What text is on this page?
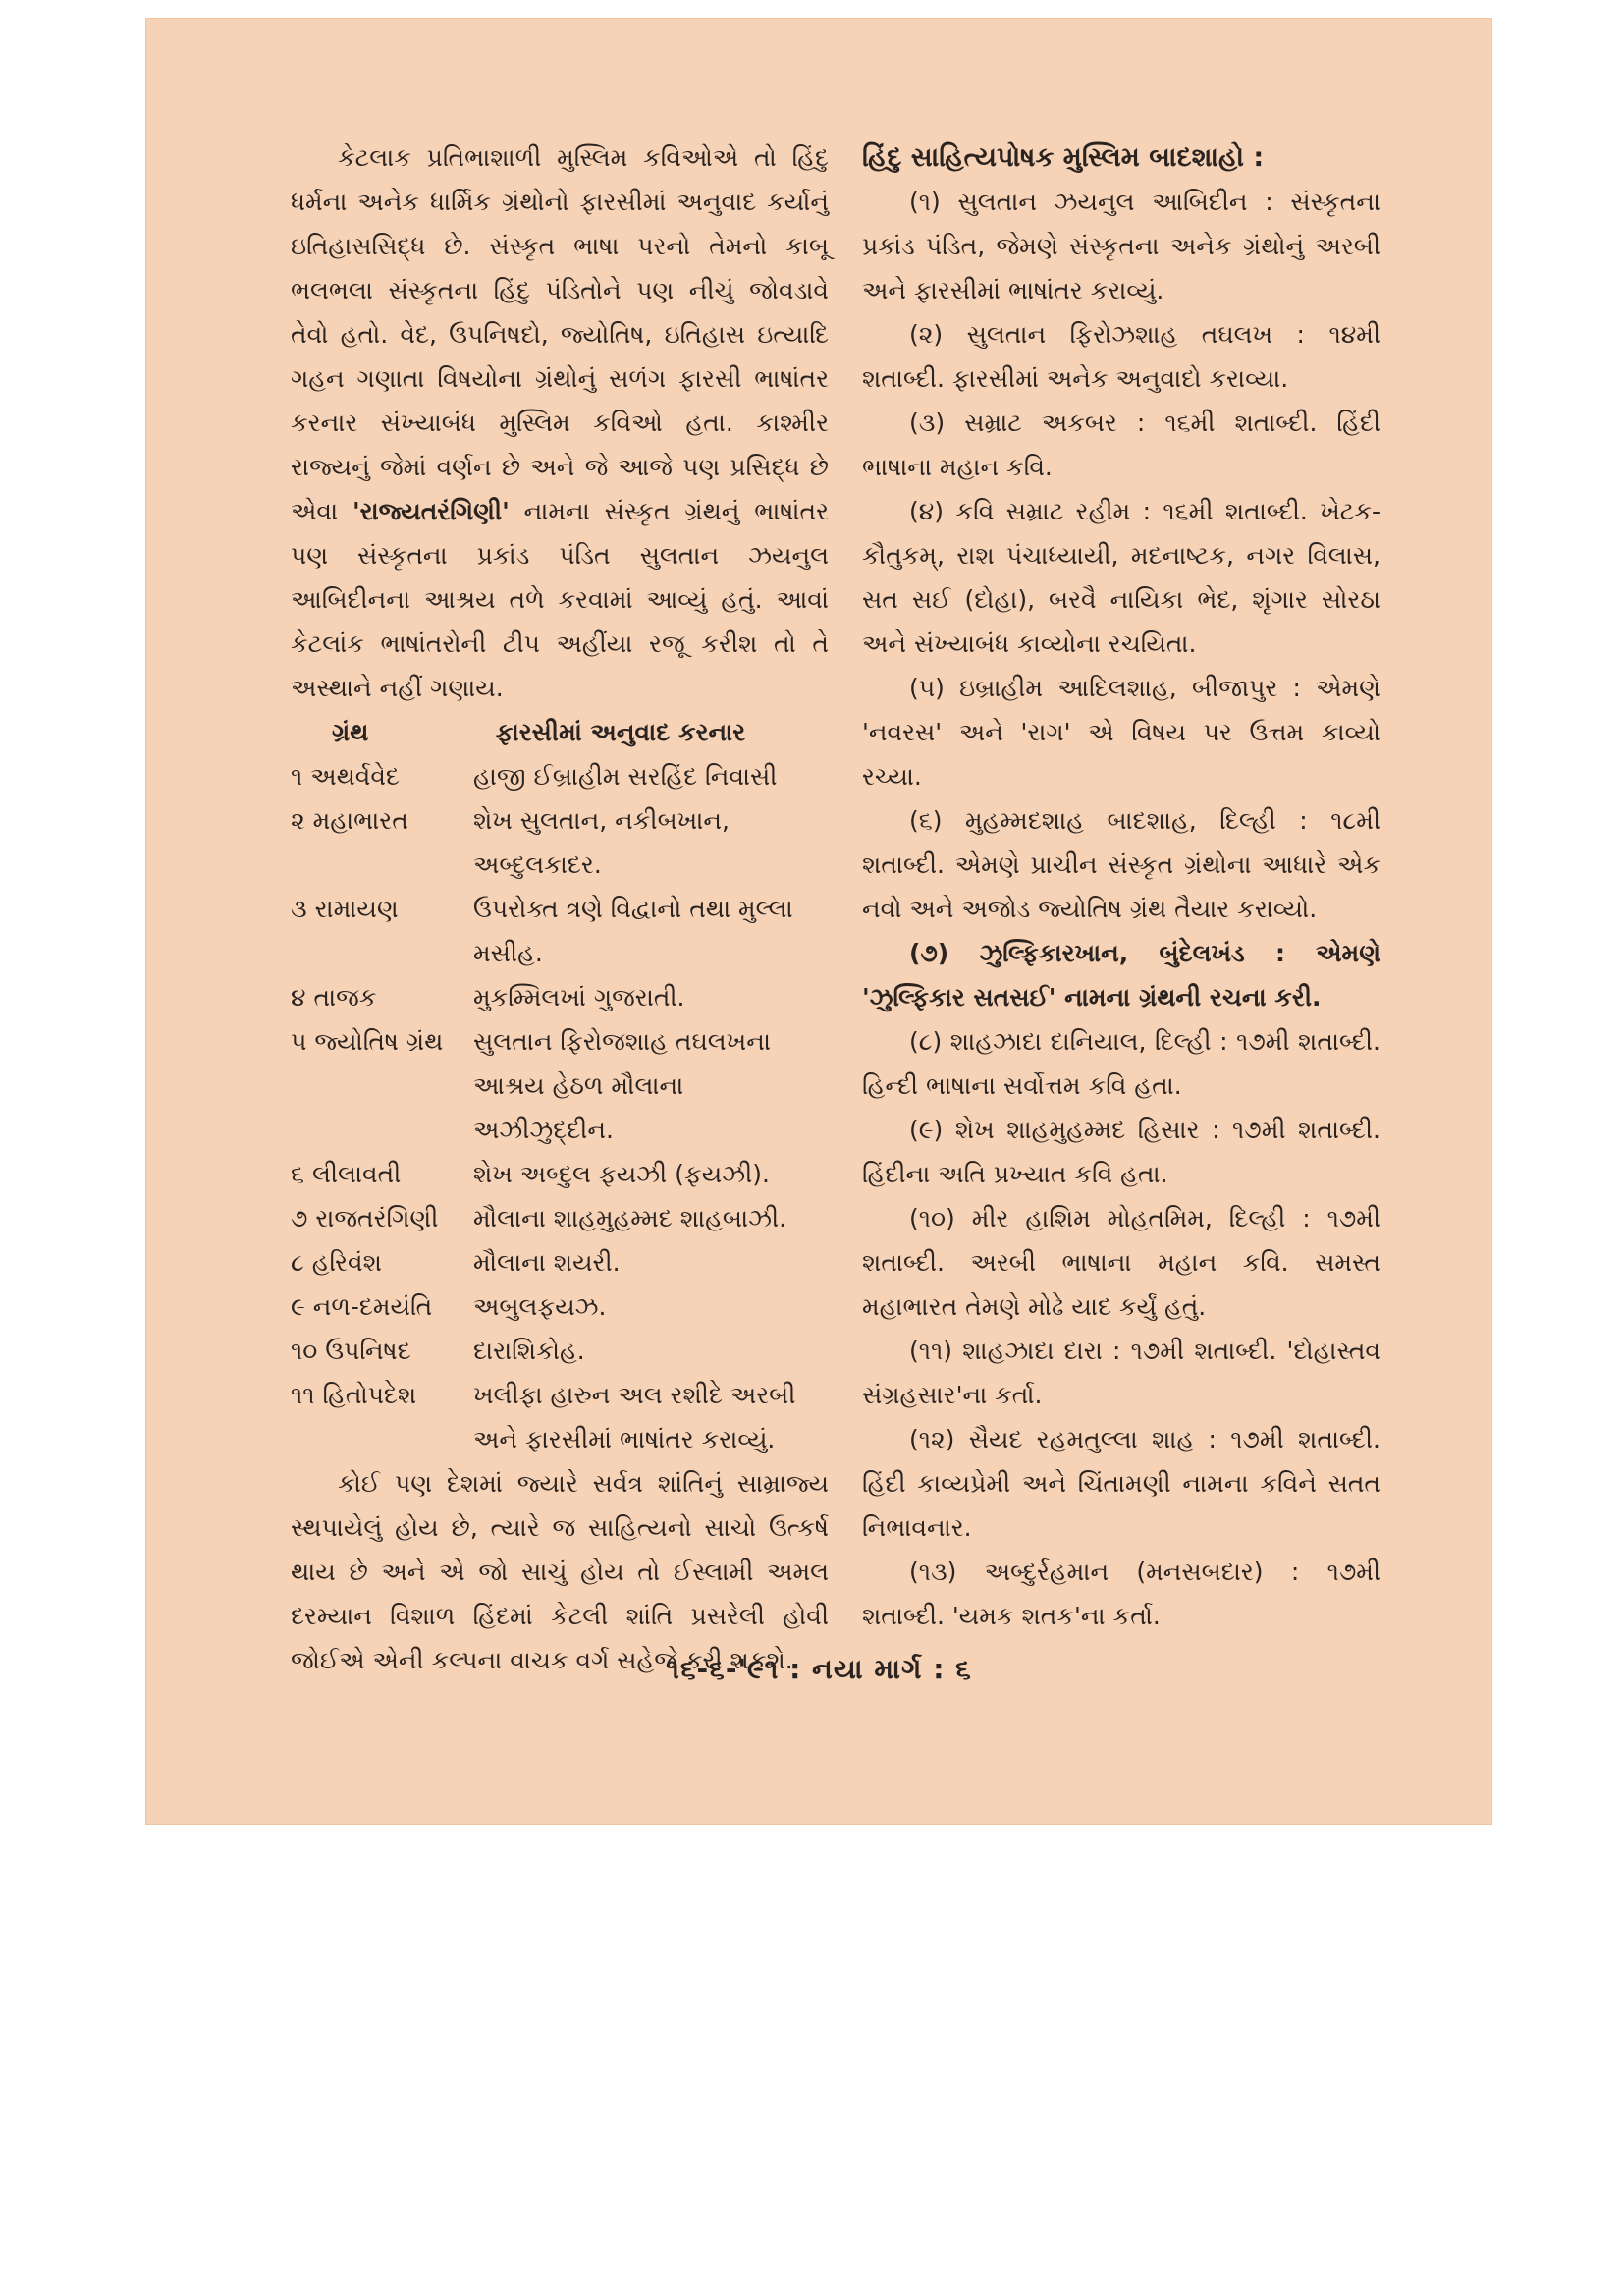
કેટલાક પ્રતિભાશાળી મુસ્લિમ કવિઓએ તો હિંદુ ધર્મના અનેક ધાર્મિક ગ્રંથોનો ફારસીમાં અનુવાદ કર્યાનું ઇતિહાસસિદ્ધ છે. સંસ્કૃત ભાષા પરનો તેમનો કાબૂ ભલભલા સંસ્કૃતના હિંદુ પંડિતોને પણ નીચું જોવડાવે તેવો હતો. વેદ, ઉપનિષદો, જ્યોતિષ, ઇતિહાસ ઇત્યાદિ ગહન ગણાતા વિષયોના ગ્રંથોનું સળંગ ફારસી ભાષાંતર કરનાર સંખ્યાબંધ મુસ્લિમ કવિઓ હતા. કાશ્મીર રાજ્યનું જેમાં વર્ણન છે અને જે આજે પણ પ્રસિદ્ધ છે એવા 'રાજ્યતરંગિણી' નામના સંસ્કૃત ગ્રંથનું ભાષાંતર પણ સંસ્કૃતના પ્રકાંડ પંડિત સુલતાન ઝયનુલ આબિદીનના આશ્રય તળે કરવામાં આવ્યું હતું. આવાં કેટલાંક ભાષાંતરોની ટીપ અહીંયા રજૂ કરીશ તો તે અસ્થાને નહીં ગણાય.

ગ્રંથ	ફારસીમાં અનુવાદ કરનાર
૧ અથર્વવેદ	હાજી ઈબ્રાહીમ સરહિંદ નિવાસી
૨ મહાભારત	શેખ સુલતાન, નકીબખાન, અબ્દુલકાદર.
૩ રામાયણ	ઉપરોક્ત ત્રણે વિદ્વાનો તથા મુલ્લા મસીહ.
૪ તાજક	મુકમ્મિલખાં ગુજરાતી.
૫ જ્યોતિષ ગ્રંથ	સુલતાન ફિરોજશાહ તઘલખના આશ્રય હેઠળ મૌલાના અઝીઝુદ્દીન.
૬ લીલાવતી	શેખ અબ્દુલ ફયઝી (ફયઝી).
૭ રાજતરંગિણી	મૌલાના શાહમુહમ્મદ શાહબાઝી.
૮ હરિવંશ	મૌલાના શયરી.
૯ નળ-દમયંતિ	અબુલફયઝ.
૧૦ ઉપનિષદ	દારાશિકોહ.
૧૧ હિતોપદેશ	ખલીફા હારુન અલ રશીદે અરબી અને ફારસીમાં ભાષાંતર કરાવ્યું.

કોઈ પણ દેશમાં જ્યારે સર્વત્ર શાંતિનું સામ્રાજ્ય સ્થપાયેલું હોય છે, ત્યારે જ સાહિત્યનો સાચો ઉત્કર્ષ થાય છે અને એ જો સાચું હોય તો ઈસ્લામી અમલ દરમ્યાન વિશાળ હિંદમાં કેટલી શાંતિ પ્રસરેલી હોવી જોઈએ એની કલ્પના વાચક વર્ગ સહેજે કરી શકશે.

હિંદુ સાહિત્યપોષક મુસ્લિમ બાદશાહો :

(૧) સુલતાન ઝયનુલ આબિદીન : સંસ્કૃતના પ્રકાંડ પંડિત, જેમણે સંસ્કૃતના અનેક ગ્રંથોનું અરબી અને ફારસીમાં ભાષાંતર કરાવ્યું.

(૨) સુલતાન ફિરોઝશાહ તઘલખ : ૧૪મી શતાબ્દી. ફારસીમાં અનેક અનુવાદો કરાવ્યા.

(૩) સમ્રાટ અકબર : ૧૬મી શતાબ્દી. હિંદી ભાષાના મહાન કવિ.

(૪) કવિ સમ્રાટ રહીમ : ૧૬મી શતાબ્દી. ખેટક-કૌતુકમ્, રાશ પંચાધ્યાયી, મદનાષ્ટક, નગર વિલાસ, સત સઈ (દોહા), બરવૈ નાયિકા ભેદ, શૃંગાર સોરઠા અને સંખ્યાબંધ કાવ્યોના રચયિતા.

(૫) ઇબ્રાહીમ આદિલશાહ, બીજાપુર : એમણે 'નવરસ' અને 'રાગ' એ વિષય પર ઉત્તમ કાવ્યો રચ્યા.

(૬) મુહમ્મદશાહ બાદશાહ, દિલ્હી : ૧૮મી શતાબ્દી. એમણે પ્રાચીન સંસ્કૃત ગ્રંથોના આધારે એક નવો અને અજોડ જ્યોતિષ ગ્રંથ તૈયાર કરાવ્યો.

(૭) ઝુલ્ફિકારખાન, બુંદેલખંડ : એમણે 'ઝુલ્ફિકાર સતસઈ' નામના ગ્રંથની રચના કરી.

(૮) શાહઝાદા દાનિયાલ, દિલ્હી : ૧૭મી શતાબ્દી. હિન્દી ભાષાના સર્વોત્તમ કવિ હતા.

(૯) શેખ શાહમુહમ્મદ હિસાર : ૧૭મી શતાબ્દી. હિંદીના અતિ પ્રખ્યાત કવિ હતા.

(૧૦) મીર હાશિમ મોહતમિમ, દિલ્હી : ૧૭મી શતાબ્દી. અરબી ભાષાના મહાન કવિ. સમસ્ત મહાભારત તેમણે મોઢે યાદ કર્યું હતું.

(૧૧) શાહઝાદા દારા : ૧૭મી શતાબ્દી. 'દોહાસ્તવ સંગ્રહસાર'ના કર્તા.

(૧૨) સૈયદ રહમતુલ્લા શાહ : ૧૭મી શતાબ્દી. હિંદી કાવ્યપ્રેમી અને ચિંતામણી નામના કવિને સતત નિભાવનાર.

(૧૩) અબ્દુર્રહમાન (મનસબદાર) : ૧૭મી શતાબ્દી. 'યમક શતક'ના કર્તા.

૧૬-૬-'૯૧ : નયા માર્ગ : ૬
